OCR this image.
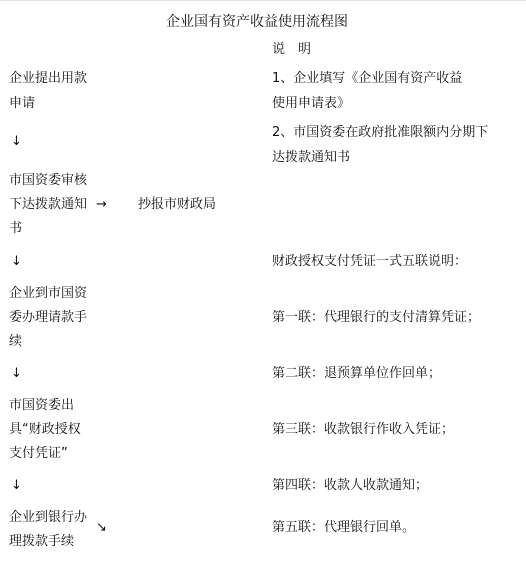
企业国有资产收益使用流程图
说　明
企业提出用款
申请
↓
市国资委审核
下达拨款通知 → 抄报市财政局
书
↓
企业到市国资
委办理请款手
续
↓
市国资委出
具“财政授权
支付凭证”
↓
企业到银行办
↘
理拨款手续
1、企业填写《企业国有资产收益
使用申请表》
2、市国资委在政府批准限额内分期下
达拨款通知书
财政授权支付凭证一式五联说明：
第一联：代理银行的支付清算凭证；
第二联：退预算单位作回单；
第三联：收款银行作收入凭证；
第四联：收款人收款通知；
第五联：代理银行回单。
